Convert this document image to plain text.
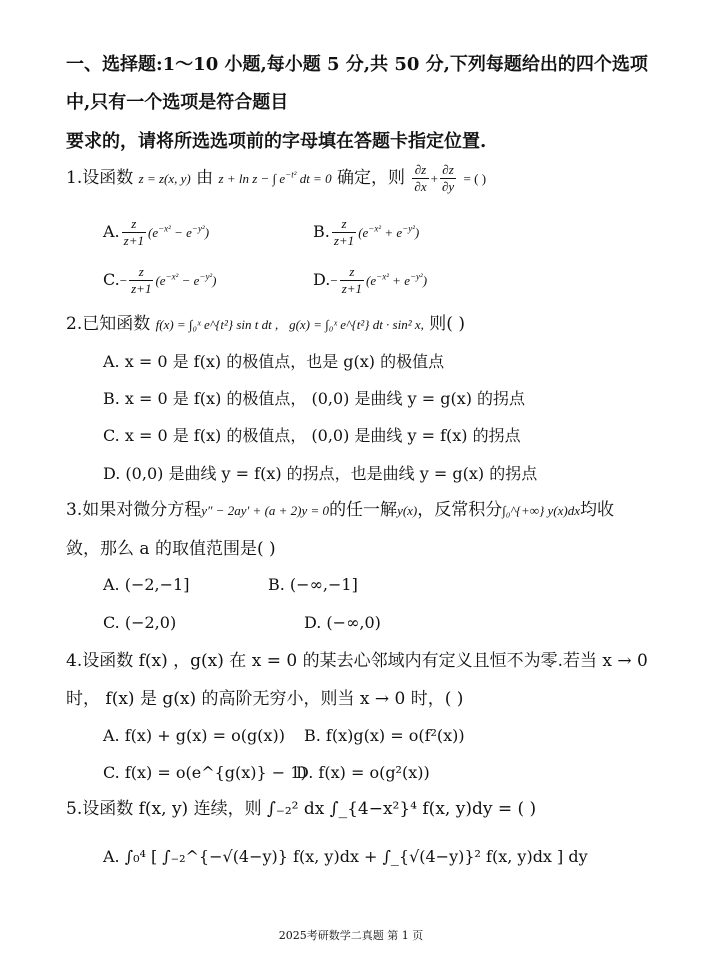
一、选择题:1～10 小题,每小题 5 分,共 50 分,下列每题给出的四个选项
中,只有一个选项是符合题目
要求的，请将所选选项前的字母填在答题卡指定位置.
1.设函数 z = z(x, y) 由 z + ln z − ∫ $e^{-t^2}$ dt = 0 确定，则 $\frac{\partial z}{\partial x} + \frac{\partial z}{\partial y}$ = ( )
A. $\frac{z}{z+1} (e^{-x^2} - e^{-y^2})$	B. $\frac{z}{z+1} (e^{-x^2} + e^{-y^2})$
$C.- \frac{z}{z+1} (e^{-x^2} - e^{-y^2})$	$D.- \frac{z}{z+1} (e^{-x^2} + e^{-y^2})$
2.已知函数 f(x) = ∫₀ˣ e^{t²} sin t dt , g(x) = ∫₀ˣ e^{t²} dt · sin² x, 则( )
A. x = 0 是 f(x) 的极值点，也是 g(x) 的极值点
B. x = 0 是 f(x) 的极值点， (0,0) 是曲线 y = g(x) 的拐点
C. x = 0 是 f(x) 的极值点， (0,0) 是曲线 y = f(x) 的拐点
D. (0,0) 是曲线 y = f(x) 的拐点，也是曲线 y = g(x) 的拐点
3.如果对微分方程y″ − 2ay′ + (a + 2)y = 0的任一解y(x)，反常积分∫₀^{+∞} y(x)dx均收
敛，那么 a 的取值范围是( )
A. (−2,−1]	B. (−∞,−1]
C. (−2,0)	D. (−∞,0)
4.设函数 f(x) ，g(x) 在 x = 0 的某去心邻域内有定义且恒不为零.若当 x → 0
时， f(x) 是 g(x) 的高阶无穷小，则当 x → 0 时，( )
A. f(x) + g(x) = o(g(x)) B. f(x)g(x) = o(f²(x))
C. f(x) = o(e^{g(x)} − 1)
D. f(x) = o(g²(x))
5.设函数 f(x, y) 连续，则 ∫₋₂² dx ∫_{4−x²}⁴ f(x, y)dy = ( )
A. ∫₀⁴ [ ∫₋₂^{−√(4−y)} f(x, y)dx + ∫_{√(4−y)}² f(x, y)dx ] dy
2025考研数学二真题 第 1 页
